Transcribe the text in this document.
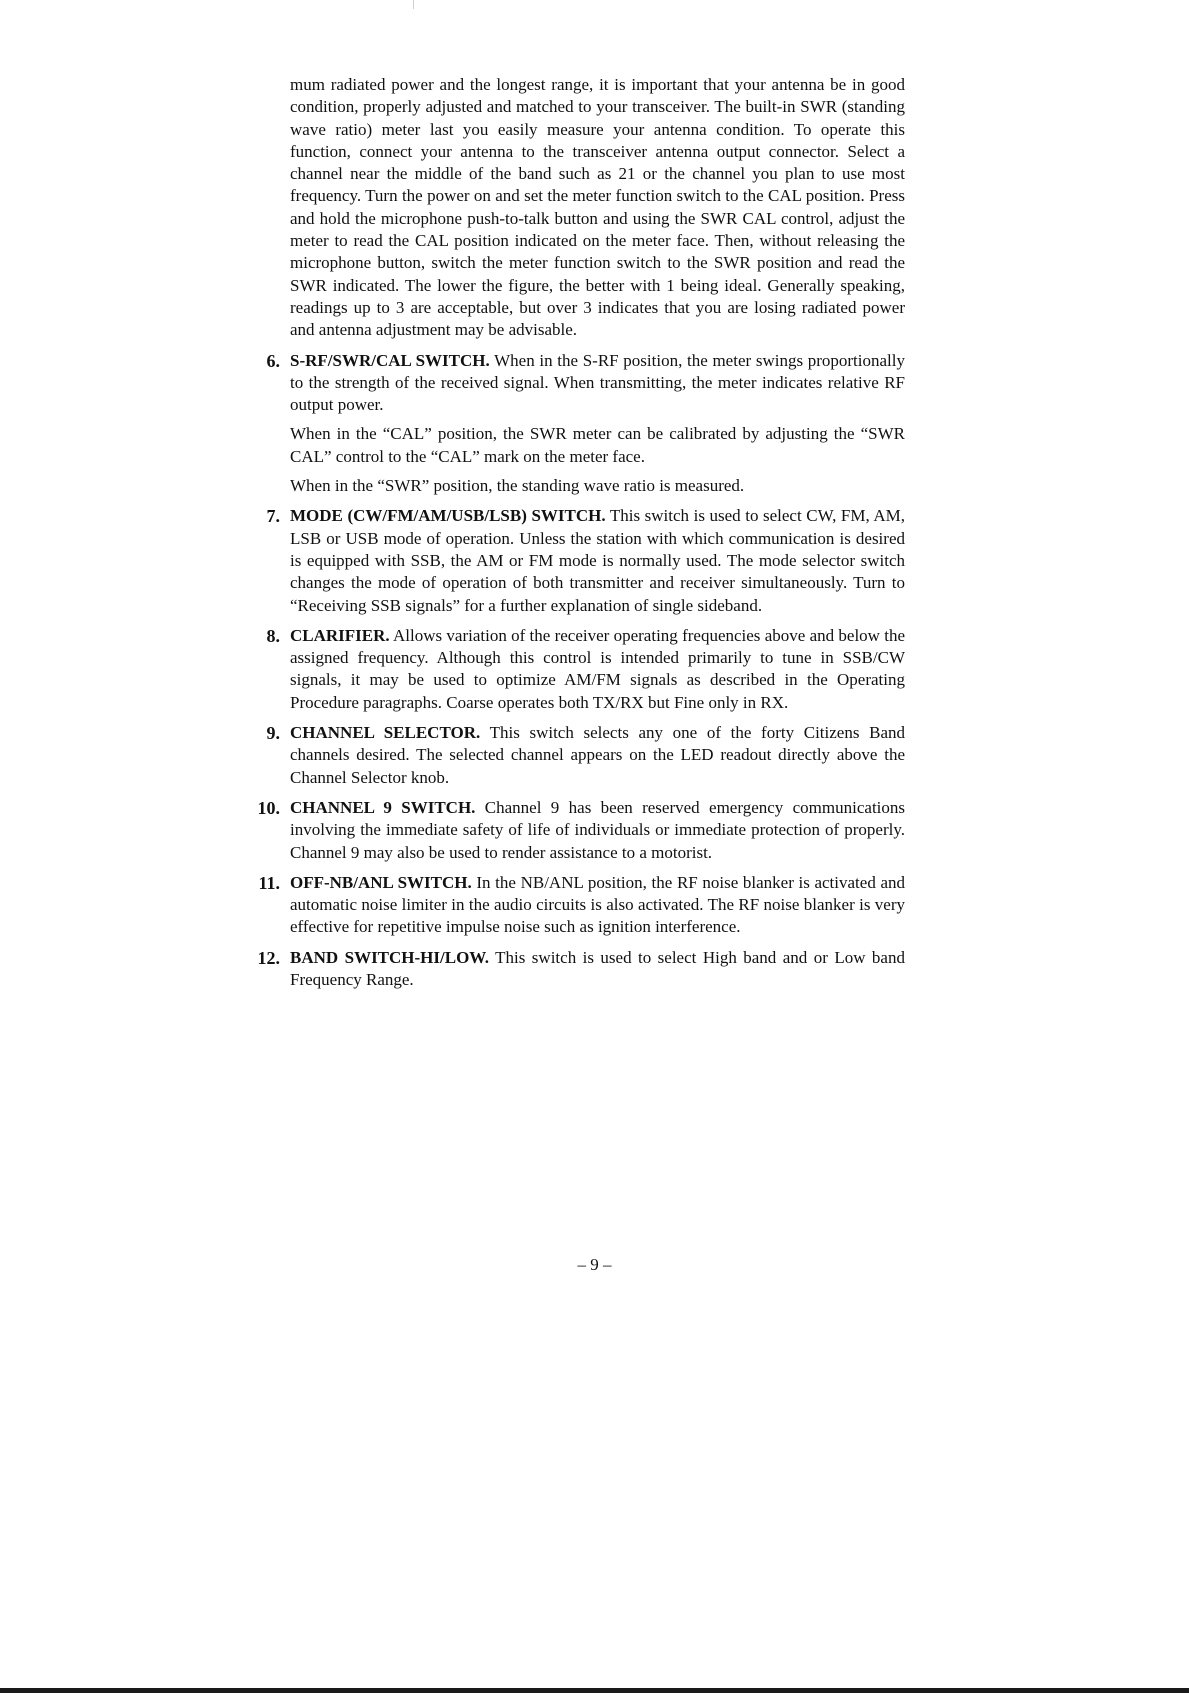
mum radiated power and the longest range, it is important that your antenna be in good condition, properly adjusted and matched to your transceiver. The built-in SWR (standing wave ratio) meter last you easily measure your antenna condition. To operate this function, connect your antenna to the transceiver antenna output connector. Select a channel near the middle of the band such as 21 or the channel you plan to use most frequency. Turn the power on and set the meter function switch to the CAL position. Press and hold the microphone push-to-talk button and using the SWR CAL control, adjust the meter to read the CAL position indicated on the meter face. Then, without releasing the microphone button, switch the meter function switch to the SWR position and read the SWR indicated. The lower the figure, the better with 1 being ideal. Generally speaking, readings up to 3 are acceptable, but over 3 indicates that you are losing radiated power and antenna adjustment may be advisable.

6. S-RF/SWR/CAL SWITCH. When in the S-RF position, the meter swings proportionally to the strength of the received signal. When transmitting, the meter indicates relative RF output power.

When in the “CAL” position, the SWR meter can be calibrated by adjusting the “SWR CAL” control to the “CAL” mark on the meter face.

When in the “SWR” position, the standing wave ratio is measured.

7. MODE (CW/FM/AM/USB/LSB) SWITCH. This switch is used to select CW, FM, AM, LSB or USB mode of operation. Unless the station with which communication is desired is equipped with SSB, the AM or FM mode is normally used. The mode selector switch changes the mode of operation of both transmitter and receiver simultaneously. Turn to “Receiving SSB signals” for a further explanation of single sideband.

8. CLARIFIER. Allows variation of the receiver operating frequencies above and below the assigned frequency. Although this control is intended primarily to tune in SSB/CW signals, it may be used to optimize AM/FM signals as described in the Operating Procedure paragraphs. Coarse operates both TX/RX but Fine only in RX.

9. CHANNEL SELECTOR. This switch selects any one of the forty Citizens Band channels desired. The selected channel appears on the LED readout directly above the Channel Selector knob.

10. CHANNEL 9 SWITCH. Channel 9 has been reserved emergency communications involving the immediate safety of life of individuals or immediate protection of properly. Channel 9 may also be used to render assistance to a motorist.

11. OFF-NB/ANL SWITCH. In the NB/ANL position, the RF noise blanker is activated and automatic noise limiter in the audio circuits is also activated. The RF noise blanker is very effective for repetitive impulse noise such as ignition interference.

12. BAND SWITCH-HI/LOW. This switch is used to select High band and or Low band Frequency Range.

– 9 –
